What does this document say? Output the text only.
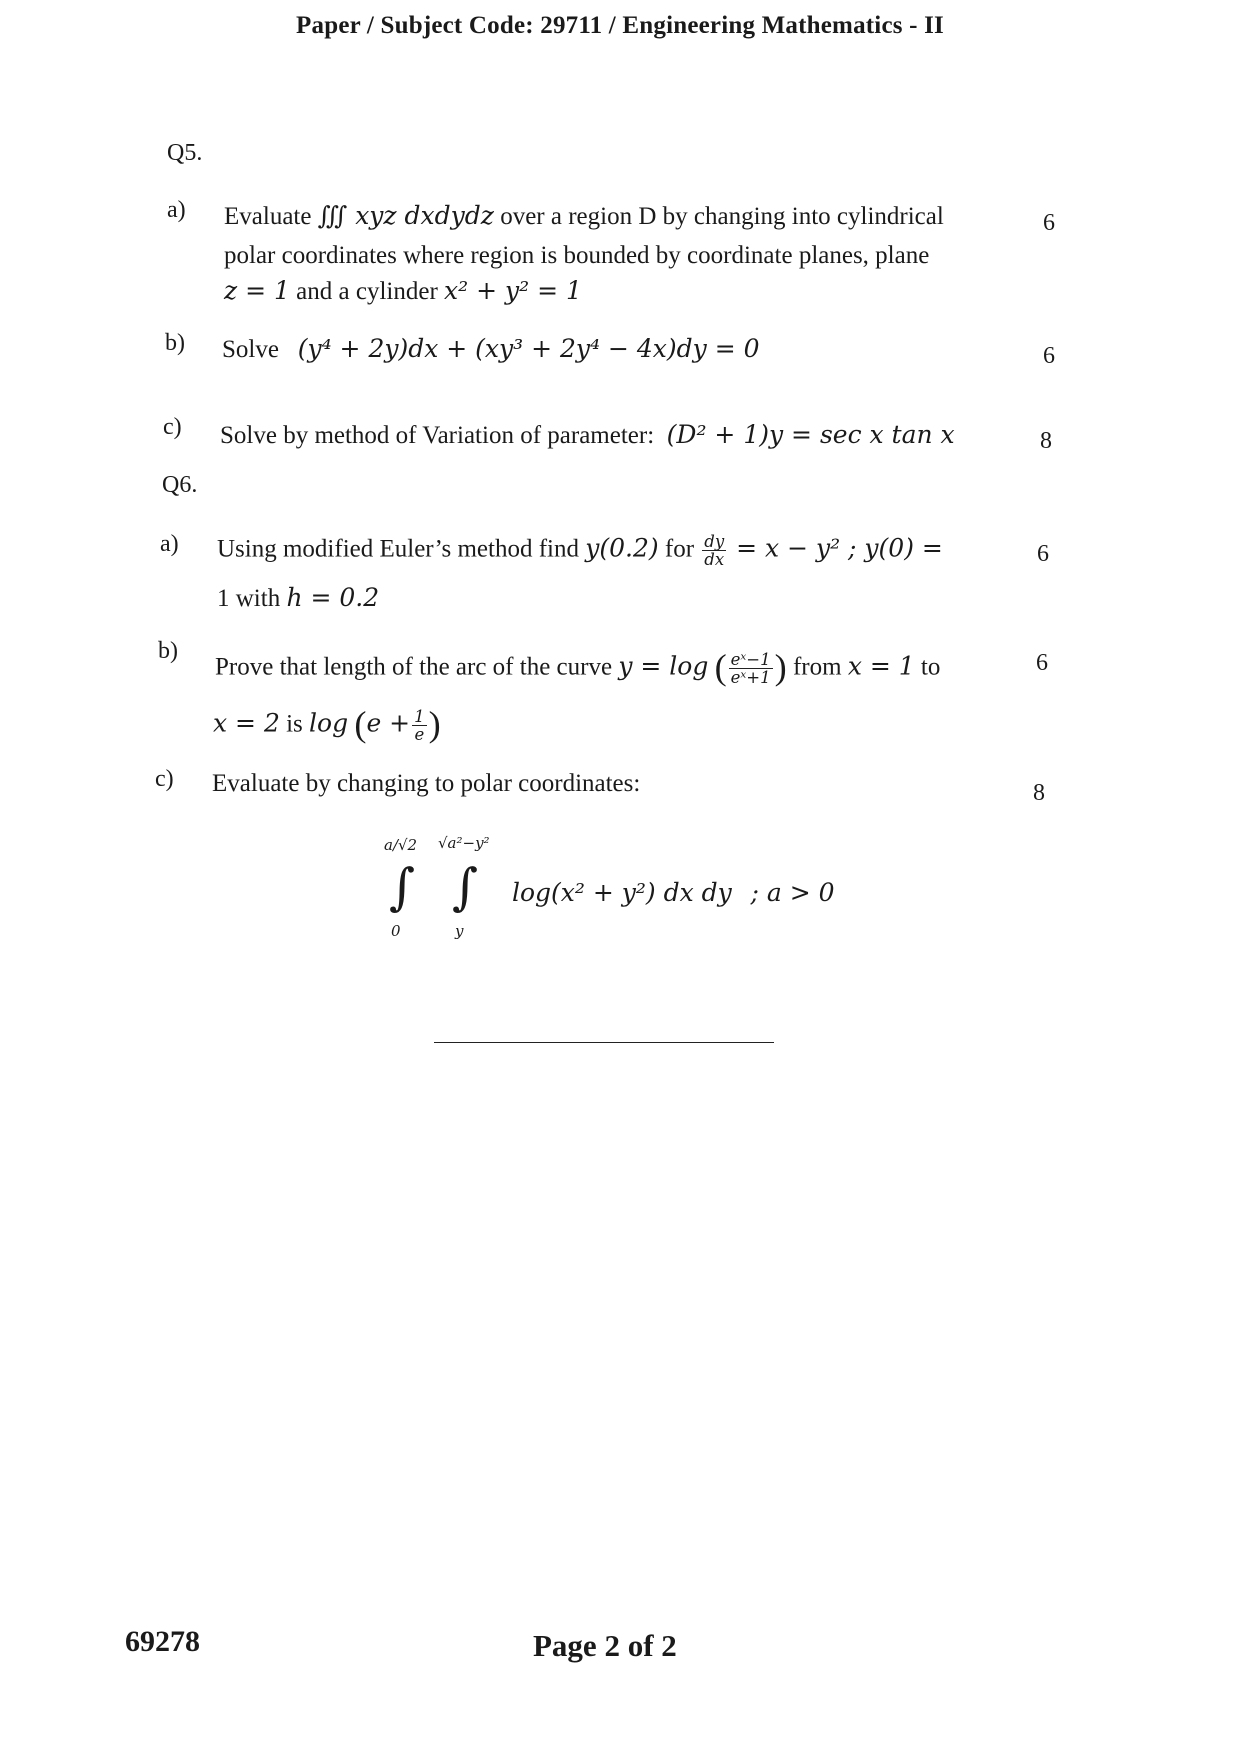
Paper / Subject Code: 29711 / Engineering Mathematics - II
Q5.
a) Evaluate ∭ xyz dxdydz over a region D by changing into cylindrical
polar coordinates where region is bounded by coordinate planes, plane
z = 1 and a cylinder x² + y² = 1
6
b) Solve (y⁴ + 2y)dx + (xy³ + 2y⁴ − 4x)dy = 0	6
c) Solve by method of Variation of parameter: (D² + 1)y = sec x tan x	8
Q6.
a) Using modified Euler’s method find y(0.2) for $\frac{dy}{dx} = x - y^2$ ; y(0) =
1 with h = 0.2
6
b)
Prove that length of the arc of the curve y = log ( $\frac{\text{eˣ−1}}{\text{eˣ+1}}$ ) from x = 1 to
x = 2 is $\log (e + \frac{1}{e}$ )
6
c) Evaluate by changing to polar coordinates:	8
a/√2 √a²−y²
∫ ∫
0	y
log(x² + y²) dx dy ; a > 0
69278	Page 2 of 2
